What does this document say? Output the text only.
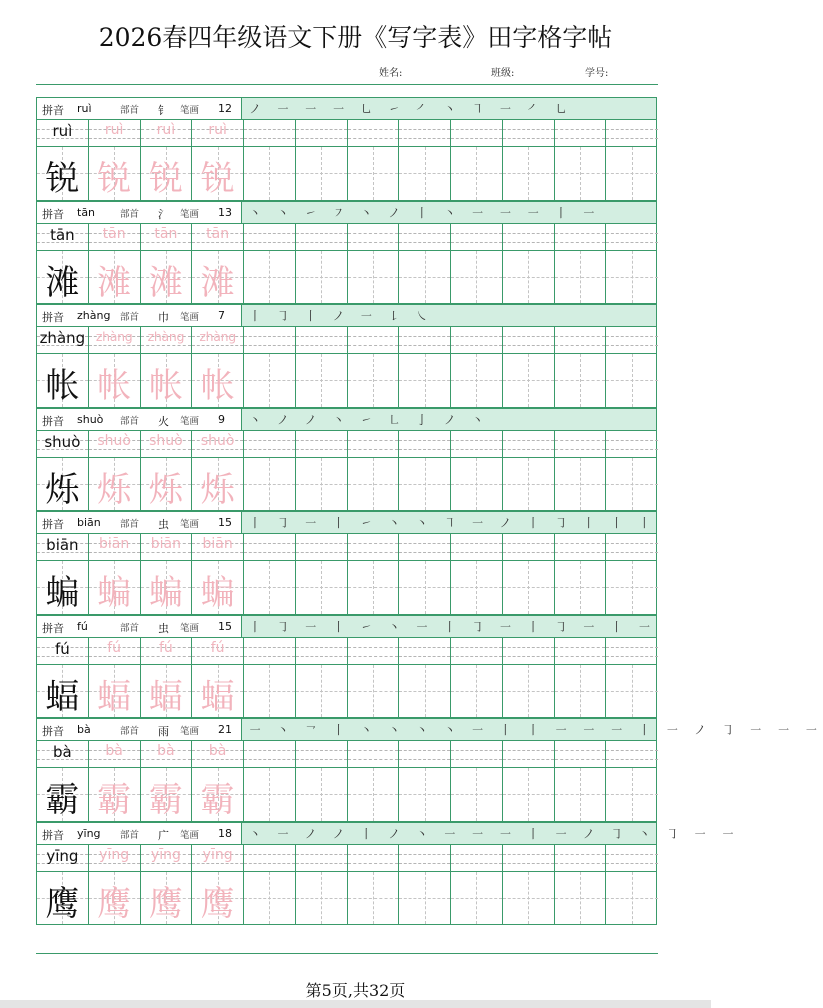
2026春四年级语文下册《写字表》田字格字帖
姓名:	班级:	学号:
拼音 ruì	部首 钅 笔画 12 ノ ㇐ ㇐ ㇐ ㇟ ㇀ ㇒ 丶 ㇕ ㇐ ㇒ ㇟
ruì	ruì	ruì	ruì
锐 锐 锐 锐
拼音 tān	部首 氵 笔画 13 丶 丶 ㇀ ㇇ 丶 ノ 丨 丶 ㇐ ㇐ ㇐ 丨 ㇐
tān	tān	tān	tān
滩 滩 滩 滩
拼音 zhàng 部首 巾 笔画 7 丨 ㇆ 丨 ノ ㇐ ㇙ ㇏
zhàng zhàng	zhàng	zhàng
帐 帐 帐 帐
拼音 shuò 部首 火 笔画 9 丶 ノ ノ 丶 ㇀ ㇗ 亅 ノ 丶
shuò	shuò	shuò	shuò
烁 烁 烁 烁
拼音 biān 部首 虫 笔画 15 丨 ㇆ ㇐ 丨 ㇀ 丶 丶 ㇕ ㇐ ノ 丨 ㇆ 丨 丨 丨
biān	biān	biān	biān
蝙 蝙 蝙 蝙
拼音 fú	部首 虫 笔画 15 丨 ㇆ ㇐ 丨 ㇀ 丶 ㇐ 丨 ㇆ ㇐ 丨 ㇆ ㇐ 丨 ㇐
fú	fú	fú	fú
蝠 蝠 蝠 蝠
拼音 bà	部首 雨 笔画 21 ㇐ 丶 ㇖ 丨 丶 丶 丶 丶 ㇐ 丨 丨 ㇐ ㇐ ㇐ 丨 ㇐ ノ ㇆ ㇐ ㇐ ㇐
bà	bà	bà	bà
霸 霸 霸 霸
拼音 yīng 部首 广 笔画 18 丶 ㇐ ノ ノ 丨 ノ 丶 ㇐ ㇐ ㇐ 丨 ㇐ ノ ㇆ 丶 ㇆ ㇐ ㇐
yīng	yīng	yīng	yīng
鹰 鹰 鹰 鹰
第5页,共32页
